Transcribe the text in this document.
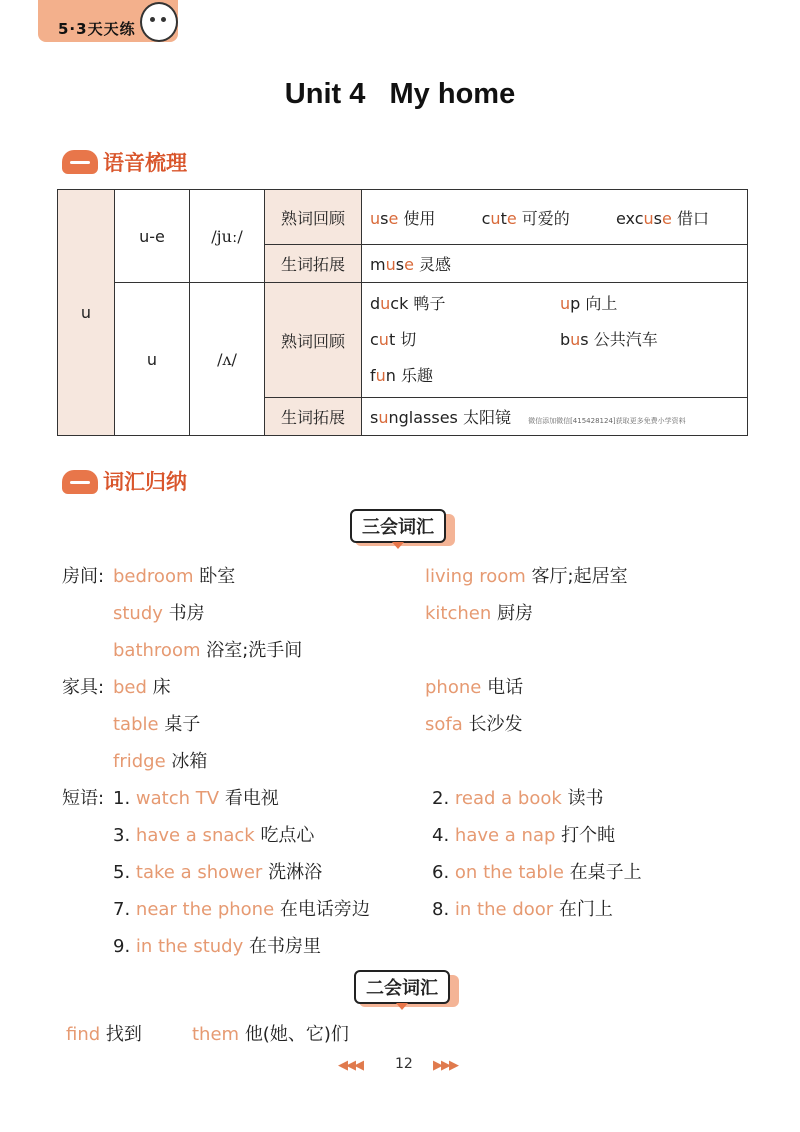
5·3天天练
Unit 4   My home
语音梳理
u	u-e	/juː/	熟词回顾	use 使用 cute 可爱的 excuse 借口
			生词拓展	muse 灵感
	u	/ʌ/	熟词回顾	duck 鸭子 up 向上
cut 切 bus 公共汽车
fun 乐趣

			生词拓展	sunglasses 太阳镜 微信添加微信[415428124]获取更多免费小学资料
词汇归纳
三会词汇
房间: bedroom 卧室	living room 客厅;起居室
study 书房	kitchen 厨房
bathroom 浴室;洗手间
家具: bed 床	phone 电话
table 桌子	sofa 长沙发
fridge 冰箱
短语: 1. watch TV 看电视	2. read a book 读书
3. have a snack 吃点心	4. have a nap 打个盹
5. take a shower 洗淋浴	6. on the table 在桌子上
7. near the phone 在电话旁边	8. in the door 在门上
9. in the study 在书房里
二会词汇
find 找到	them 他(她、它)们
◀◀◀ 12 ▶▶▶
